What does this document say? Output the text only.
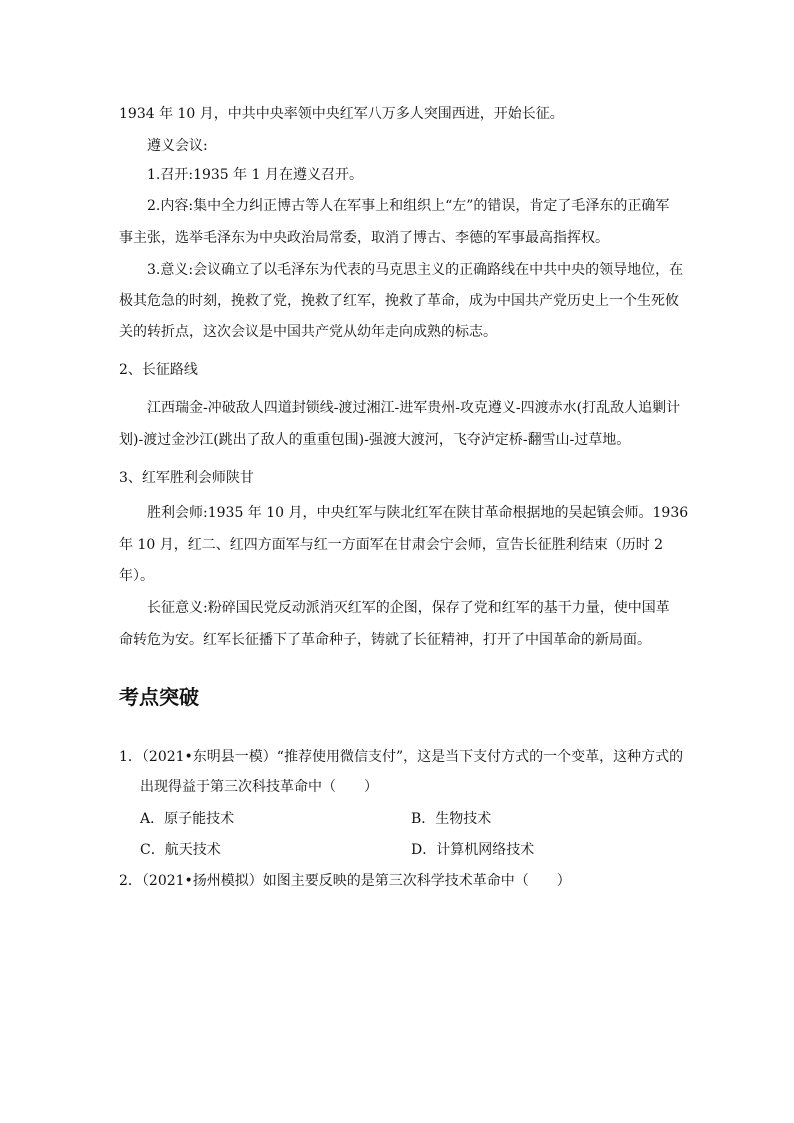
1934 年 10 月，中共中央率领中央红军八万多人突围西进，开始长征。
遵义会议:
1.召开:1935 年 1 月在遵义召开。
2.内容:集中全力纠正博古等人在军事上和组织上“左”的错误，肯定了毛泽东的正确军
事主张，选举毛泽东为中央政治局常委，取消了博古、李德的军事最高指挥权。
3.意义:会议确立了以毛泽东为代表的马克思主义的正确路线在中共中央的领导地位，在
极其危急的时刻，挽救了党，挽救了红军，挽救了革命，成为中国共产党历史上一个生死攸
关的转折点，这次会议是中国共产党从幼年走向成熟的标志。
2、长征路线
江西瑞金-冲破敌人四道封锁线-渡过湘江-进军贵州-攻克遵义-四渡赤水(打乱敌人追剿计
划)-渡过金沙江(跳出了敌人的重重包围)-强渡大渡河，飞夺泸定桥-翻雪山-过草地。
3、红军胜利会师陕甘
胜利会师:1935 年 10 月，中央红军与陕北红军在陕甘革命根据地的吴起镇会师。1936
年 10 月，红二、红四方面军与红一方面军在甘肃会宁会师，宣告长征胜利结束（历时 2
年）。
长征意义:粉碎国民党反动派消灭红军的企图，保存了党和红军的基干力量，使中国革
命转危为安。红军长征播下了革命种子，铸就了长征精神，打开了中国革命的新局面。
考点突破
1．（2021•东明县一模）“推荐使用微信支付”，这是当下支付方式的一个变革，这种方式的
出现得益于第三次科技革命中（　　）
A．原子能技术	B．生物技术
C．航天技术	D．计算机网络技术
2．（2021•扬州模拟）如图主要反映的是第三次科学技术革命中（　　）
